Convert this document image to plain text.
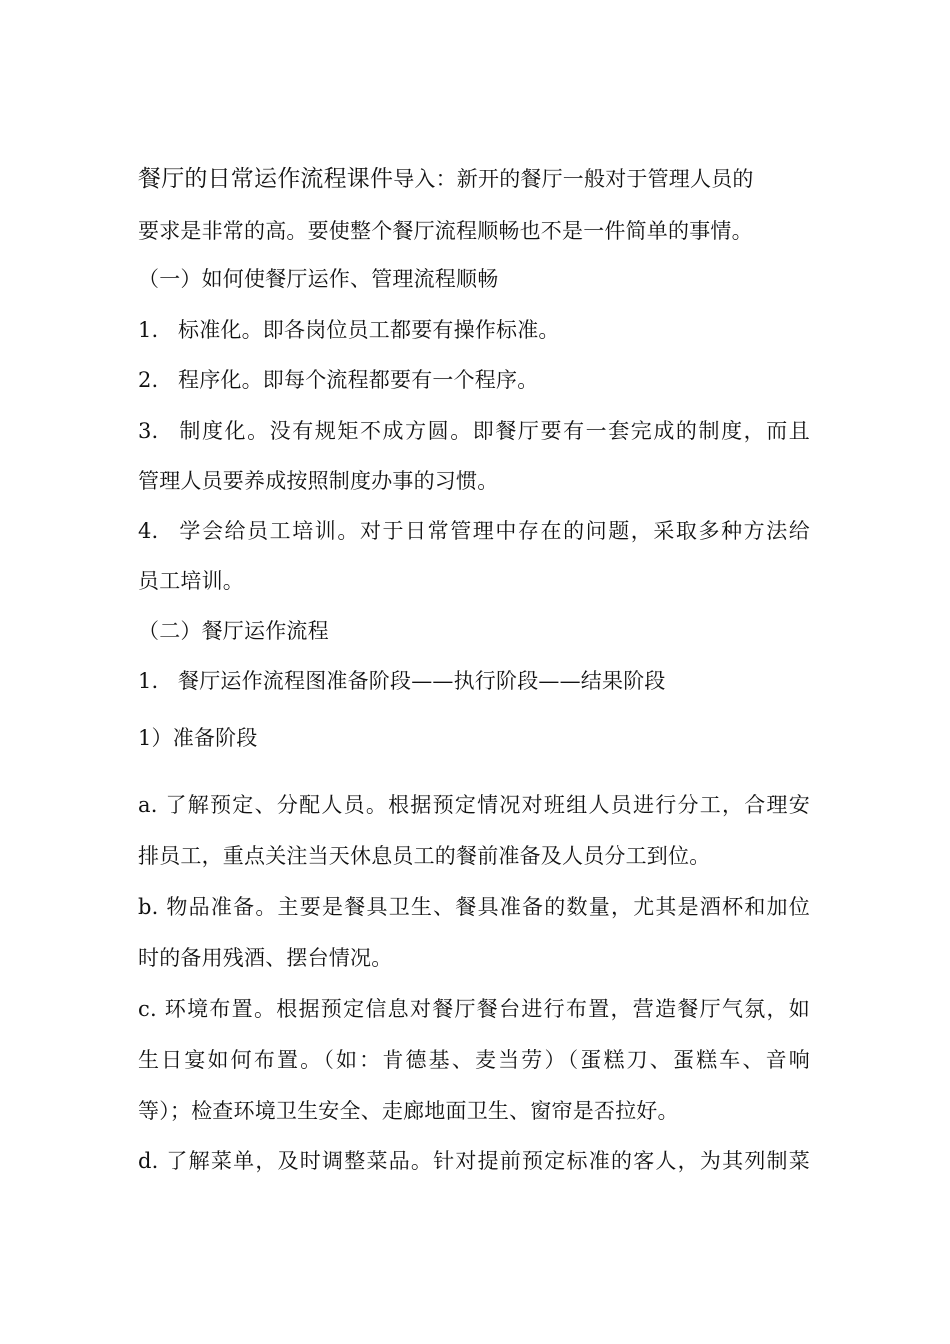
餐厅的日常运作流程课件导入：新开的餐厅一般对于管理人员的
要求是非常的高。要使整个餐厅流程顺畅也不是一件简单的事情。
（一）如何使餐厅运作、管理流程顺畅
1. 标准化。即各岗位员工都要有操作标准。
2. 程序化。即每个流程都要有一个程序。
3. 制度化。没有规矩不成方圆。即餐厅要有一套完成的制度，而且
管理人员要养成按照制度办事的习惯。
4. 学会给员工培训。对于日常管理中存在的问题，采取多种方法给
员工培训。
（二）餐厅运作流程
1. 餐厅运作流程图准备阶段——执行阶段——结果阶段
1）准备阶段
a. 了解预定、分配人员。根据预定情况对班组人员进行分工，合理安
排员工，重点关注当天休息员工的餐前准备及人员分工到位。
b. 物品准备。主要是餐具卫生、餐具准备的数量，尤其是酒杯和加位
时的备用残酒、摆台情况。
c. 环境布置。根据预定信息对餐厅餐台进行布置，营造餐厅气氛，如
生日宴如何布置。（如：肯德基、麦当劳）（蛋糕刀、蛋糕车、音响
等）；检查环境卫生安全、走廊地面卫生、窗帘是否拉好。
d. 了解菜单，及时调整菜品。针对提前预定标准的客人，为其列制菜
